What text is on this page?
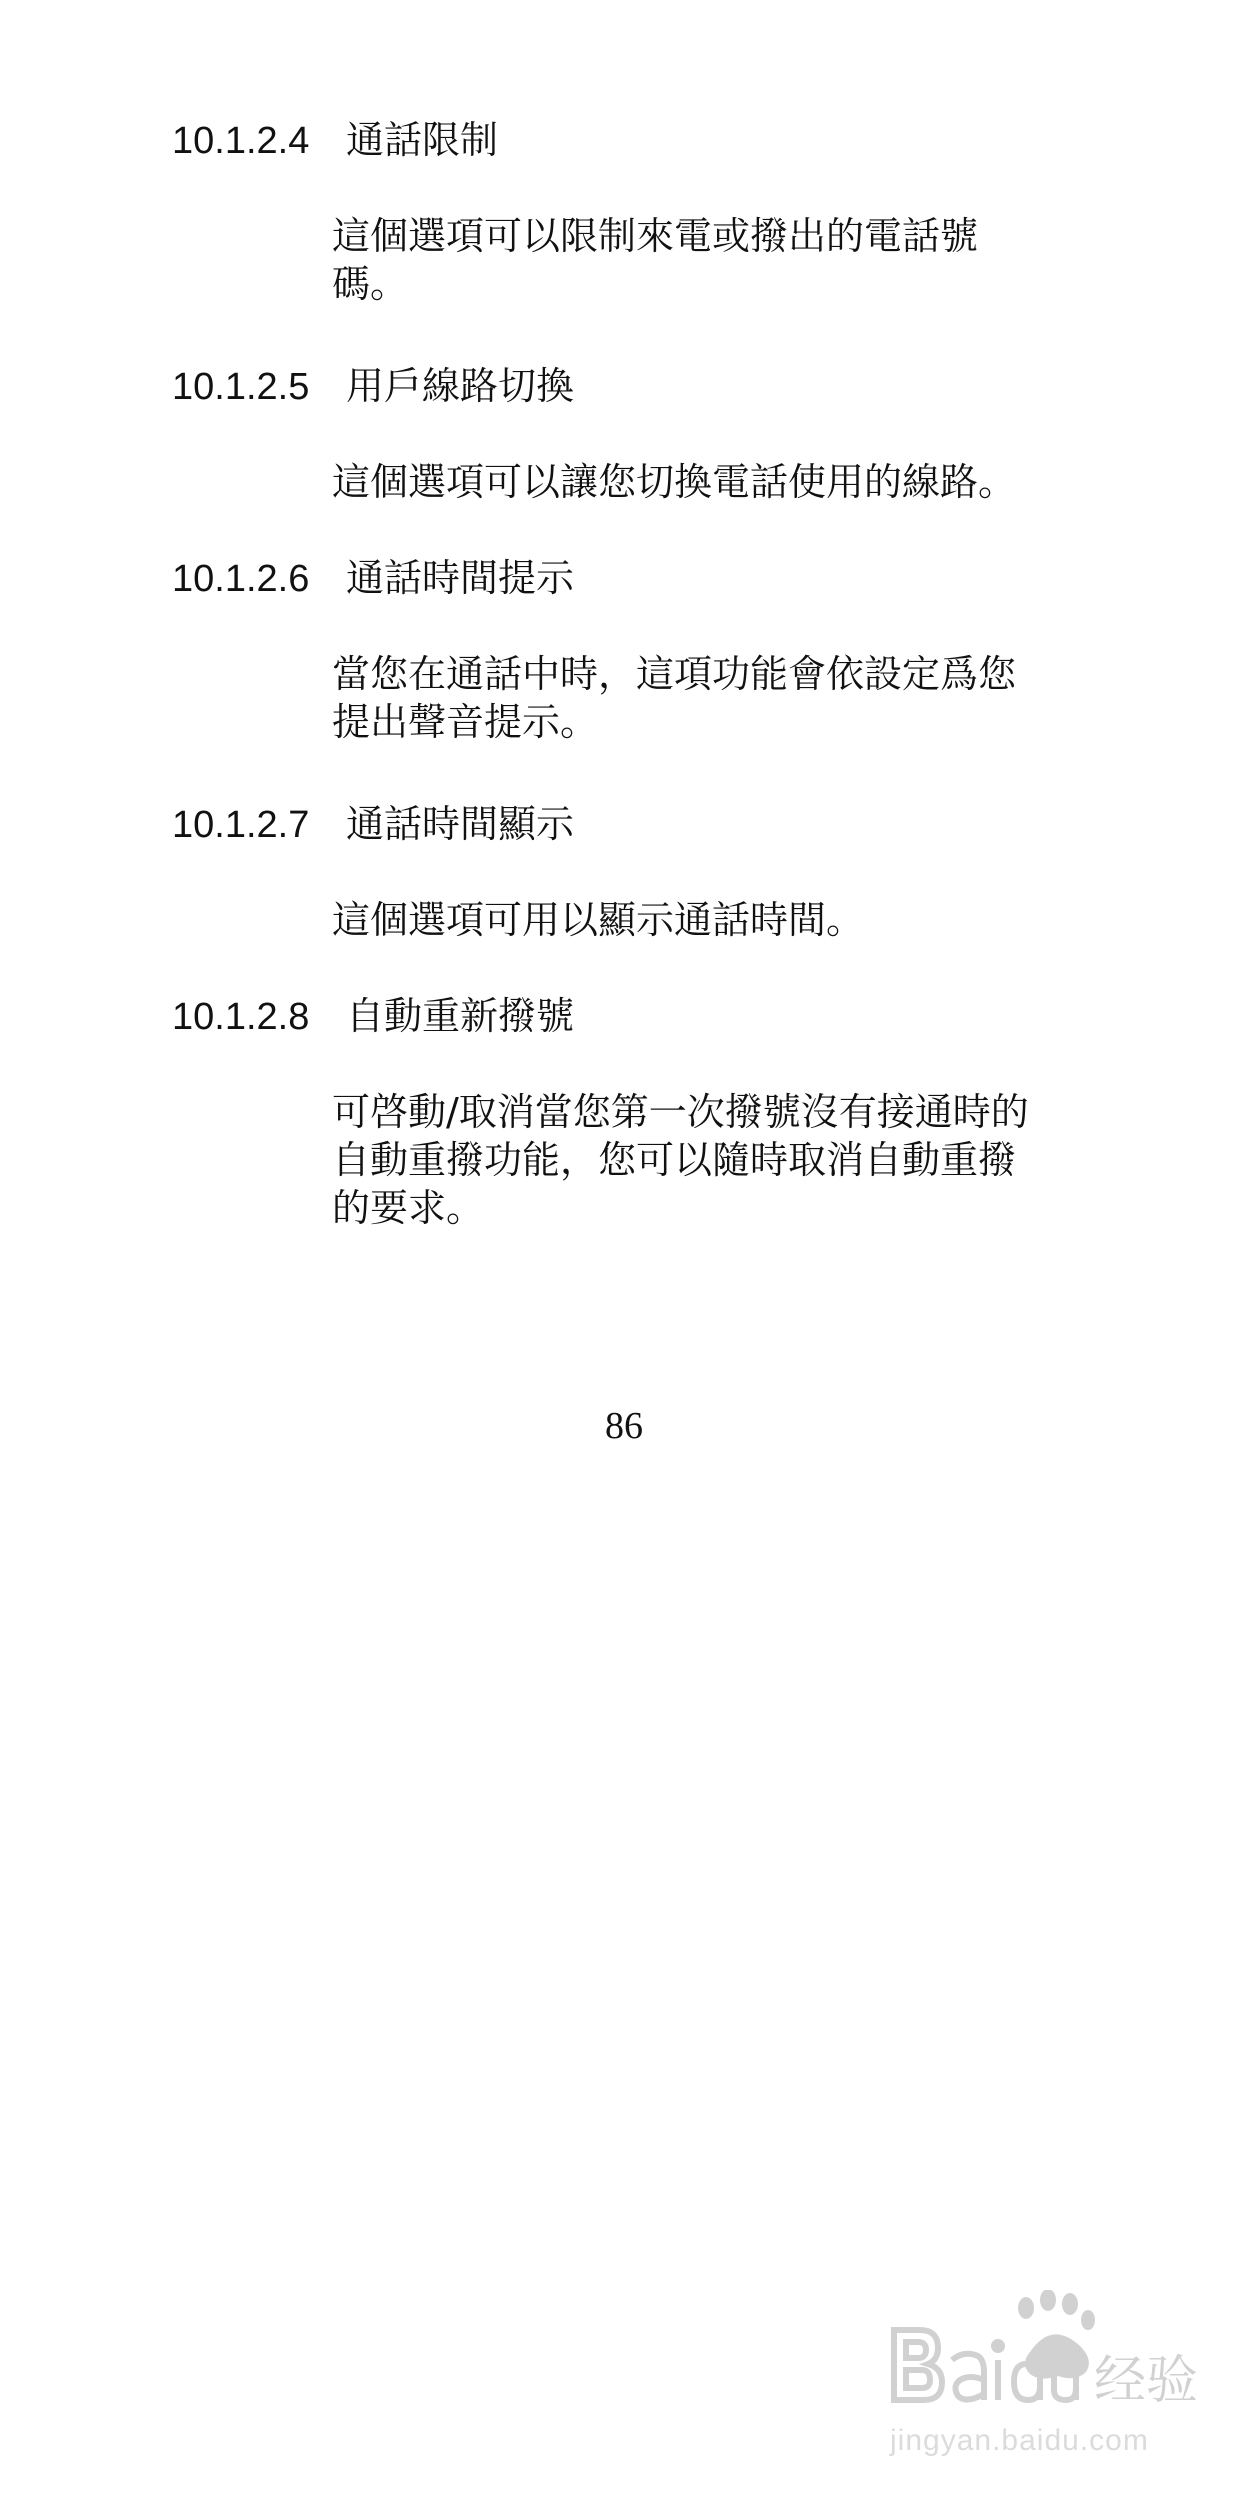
10.1.2.4 通話限制
這個選項可以限制來電或撥出的電話號
碼。
10.1.2.5 用戶線路切換
這個選項可以讓您切換電話使用的線路。
10.1.2.6 通話時間提示
當您在通話中時，這項功能會依設定爲您
提出聲音提示。
10.1.2.7 通話時間顯示
這個選項可用以顯示通話時間。
10.1.2.8 自動重新撥號
可啓動/取消當您第一次撥號沒有接通時的
自動重撥功能，您可以隨時取消自動重撥
的要求。
86
经验
jingyan.baidu.com
